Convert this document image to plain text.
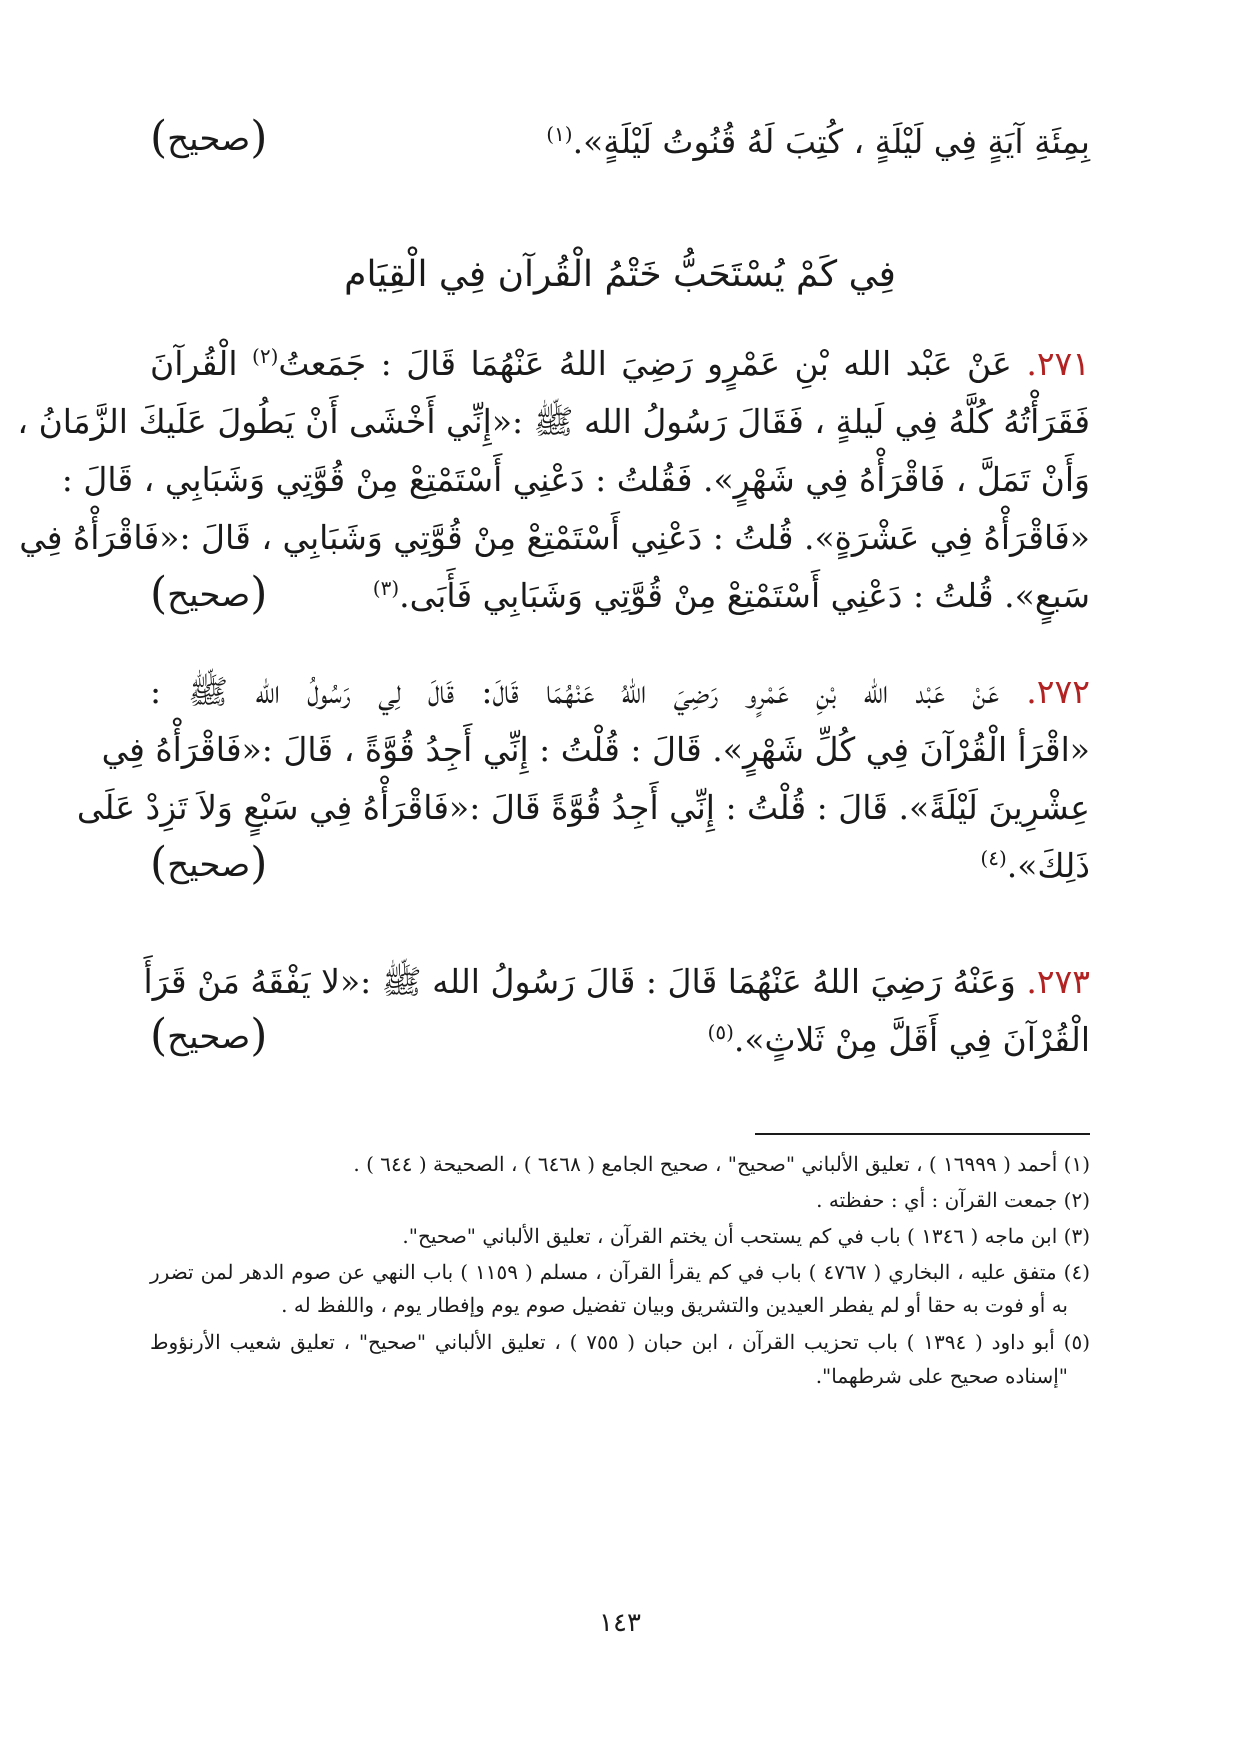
بِمِئَةِ آيَةٍ فِي لَيْلَةٍ ، كُتِبَ لَهُ قُنُوتُ لَيْلَةٍ».$^{(١)}$
(صحيح)
فِي كَمْ يُسْتَحَبُّ خَتْمُ الْقُرآن فِي الْقِيَام
٢٧١. عَنْ عَبْد الله بْنِ عَمْرٍو رَضِيَ اللهُ عَنْهُمَا قَالَ : جَمَعتُ$^{(٢)}$ الْقُرآنَ
فَقَرَأْتُهُ كُلَّهُ فِي لَيلةٍ ، فَقَالَ رَسُولُ الله ﷺ :«إِنِّي أَخْشَى أَنْ يَطُولَ عَلَيكَ الزَّمَانُ ،
وَأَنْ تَمَلَّ ، فَاقْرَأْهُ فِي شَهْرٍ». فَقُلتُ : دَعْنِي أَسْتَمْتِعْ مِنْ قُوَّتِي وَشَبَابِي ، قَالَ :
«فَاقْرَأْهُ فِي عَشْرَةٍ». قُلتُ : دَعْنِي أَسْتَمْتِعْ مِنْ قُوَّتِي وَشَبَابِي ، قَالَ :«فَاقْرَأْهُ فِي
سَبعٍ». قُلتُ : دَعْنِي أَسْتَمْتِعْ مِنْ قُوَّتِي وَشَبَابِي فَأَبَى.$^{(٣)}$
(صحيح)
٢٧٢. عَنْ عَبْد الله بْنِ عَمْرٍو رَضِيَ اللهُ عَنْهُمَا قَالَ: قَالَ لِي رَسُولُ الله ﷺ :
«اقْرَأ الْقُرْآنَ فِي كُلِّ شَهْرٍ». قَالَ : قُلْتُ : إِنِّي أَجِدُ قُوَّةً ، قَالَ :«فَاقْرَأْهُ فِي
عِشْرِينَ لَيْلَةً». قَالَ : قُلْتُ : إِنِّي أَجِدُ قُوَّةً قَالَ :«فَاقْرَأْهُ فِي سَبْعٍ وَلاَ تَزِدْ عَلَى
ذَلِكَ».$^{(٤)}$
(صحيح)
٢٧٣. وَعَنْهُ رَضِيَ اللهُ عَنْهُمَا قَالَ : قَالَ رَسُولُ الله ﷺ :«لا يَفْقَهُ مَنْ قَرَأَ
الْقُرْآنَ فِي أَقَلَّ مِنْ ثَلاثٍ».$^{(٥)}$
(صحيح)
(١) أحمد ( ١٦٩٩٩ ) ، تعليق الألباني "صحيح" ، صحيح الجامع ( ٦٤٦٨ ) ، الصحيحة ( ٦٤٤ ) .
(٢) جمعت القرآن : أي : حفظته .
(٣) ابن ماجه ( ١٣٤٦ ) باب في كم يستحب أن يختم القرآن ، تعليق الألباني "صحيح".
(٤) متفق عليه ، البخاري ( ٤٧٦٧ ) باب في كم يقرأ القرآن ، مسلم ( ١١٥٩ ) باب النهي عن صوم الدهر لمن تضرر
به أو فوت به حقا أو لم يفطر العيدين والتشريق وبيان تفضيل صوم يوم وإفطار يوم ، واللفظ له .
(٥) أبو داود ( ١٣٩٤ ) باب تحزيب القرآن ، ابن حبان ( ٧٥٥ ) ، تعليق الألباني "صحيح" ، تعليق شعيب الأرنؤوط
"إسناده صحيح على شرطهما".
١٤٣
